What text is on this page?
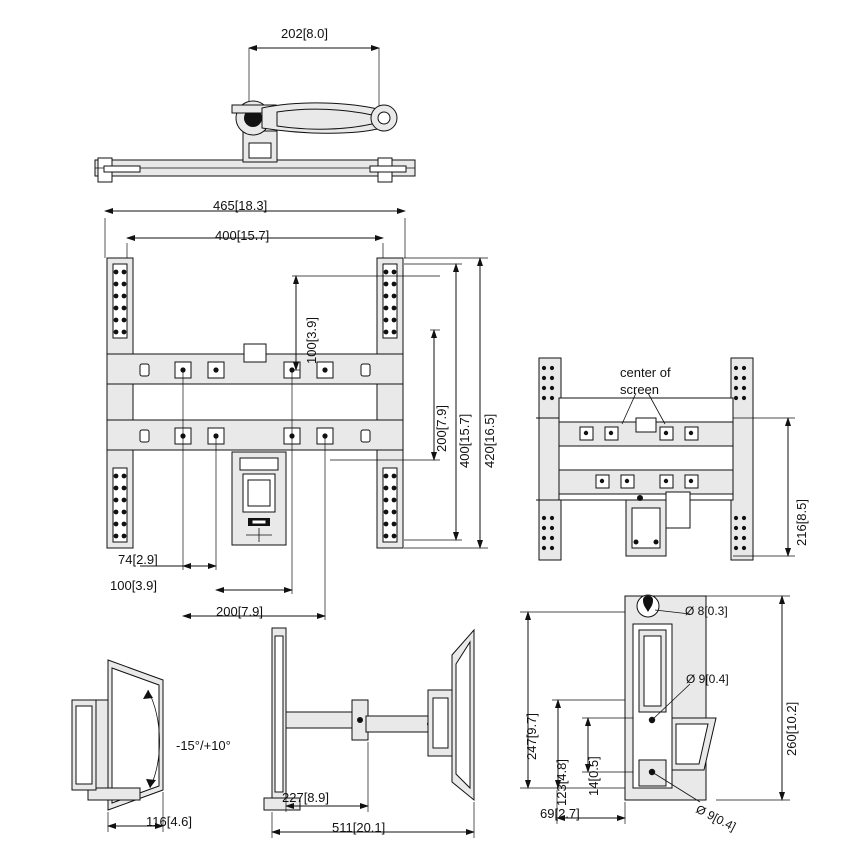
202[8.0]
465[18.3]
400[15.7]
100[3.9]
200[7.9] 400[15.7] 420[16.5]
74[2.9]
100[3.9]
200[7.9]
center of
screen
216[8.5]
-15°/+10°
116[4.6]
227[8.9]
511[20.1]
247[9.7]
123[4.8] 14[0.5]
260[10.2]
69[2.7]
Ø 8[0.3]
Ø 9[0.4]
Ø 9[0.4]
